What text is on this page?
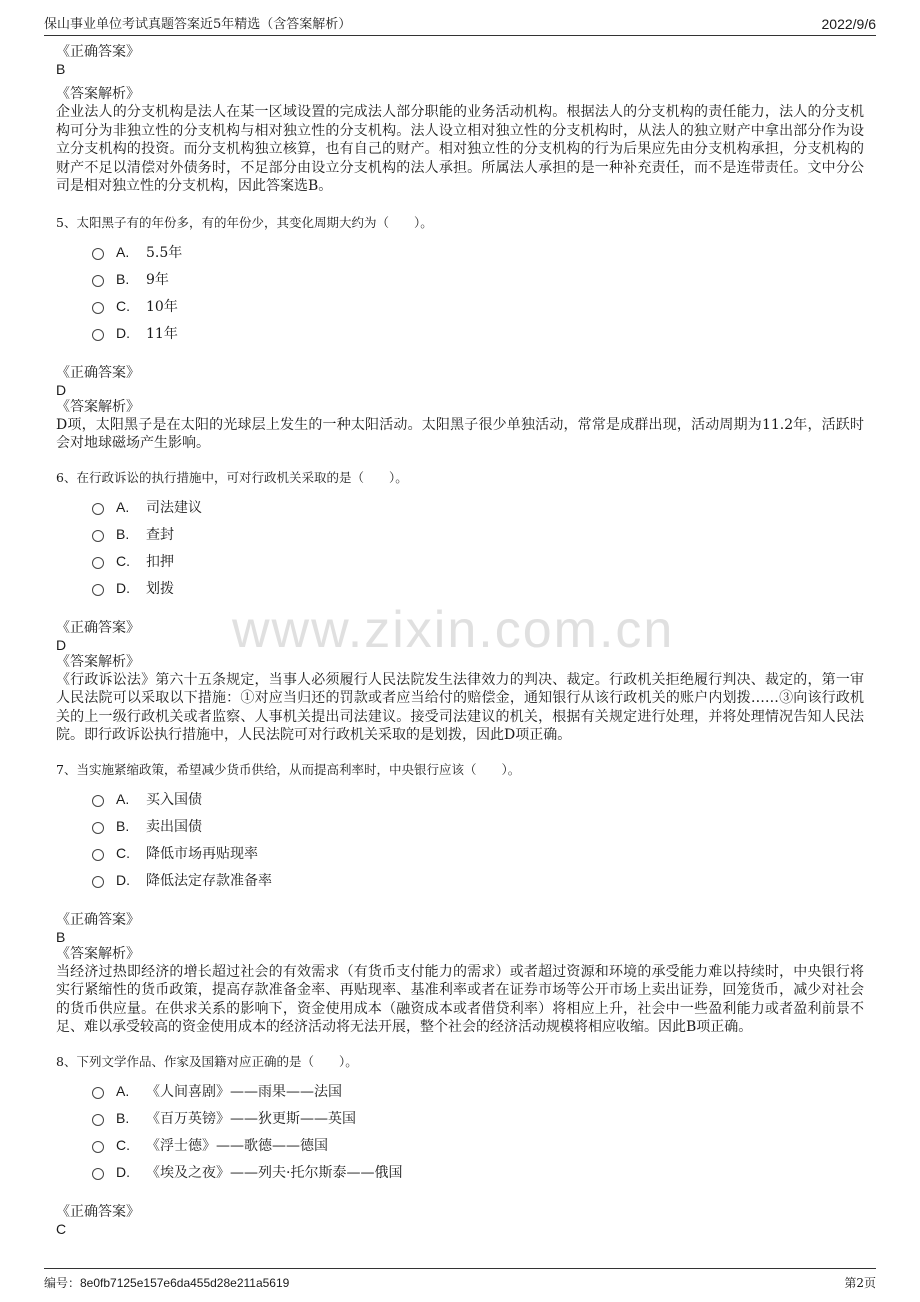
保山事业单位考试真题答案近5年精选（含答案解析）	2022/9/6
www.zixin.com.cn
《正确答案》
B
《答案解析》
企业法人的分支机构是法人在某一区域设置的完成法人部分职能的业务活动机构。根据法人的分支机构的责任能力，法人的分支机构可分为非独立性的分支机构与相对独立性的分支机构。法人设立相对独立性的分支机构时，从法人的独立财产中拿出部分作为设立分支机构的投资。而分支机构独立核算，也有自己的财产。相对独立性的分支机构的行为后果应先由分支机构承担，分支机构的财产不足以清偿对外债务时，不足部分由设立分支机构的法人承担。所属法人承担的是一种补充责任，而不是连带责任。文中分公司是相对独立性的分支机构，因此答案选B。

5、太阳黑子有的年份多，有的年份少，其变化周期大约为（　　）。

A.	5.5年
B.	9年
C.	10年
D.	11年
《正确答案》
D
《答案解析》
D项，太阳黑子是在太阳的光球层上发生的一种太阳活动。太阳黑子很少单独活动，常常是成群出现，活动周期为11.2年，活跃时会对地球磁场产生影响。

6、在行政诉讼的执行措施中，可对行政机关采取的是（　　）。

A.	司法建议
B.	查封
C.	扣押
D.	划拨
《正确答案》
D
《答案解析》
《行政诉讼法》第六十五条规定，当事人必须履行人民法院发生法律效力的判决、裁定。行政机关拒绝履行判决、裁定的，第一审人民法院可以采取以下措施：①对应当归还的罚款或者应当给付的赔偿金，通知银行从该行政机关的账户内划拨……③向该行政机关的上一级行政机关或者监察、人事机关提出司法建议。接受司法建议的机关，根据有关规定进行处理，并将处理情况告知人民法院。即行政诉讼执行措施中，人民法院可对行政机关采取的是划拨，因此D项正确。

7、当实施紧缩政策，希望减少货币供给，从而提高利率时，中央银行应该（　　）。

A.	买入国债
B.	卖出国债
C.	降低市场再贴现率
D.	降低法定存款准备率
《正确答案》
B
《答案解析》
当经济过热即经济的增长超过社会的有效需求（有货币支付能力的需求）或者超过资源和环境的承受能力难以持续时，中央银行将实行紧缩性的货币政策，提高存款准备金率、再贴现率、基准利率或者在证券市场等公开市场上卖出证券，回笼货币，减少对社会的货币供应量。在供求关系的影响下，资金使用成本（融资成本或者借贷利率）将相应上升，社会中一些盈利能力或者盈利前景不足、难以承受较高的资金使用成本的经济活动将无法开展，整个社会的经济活动规模将相应收缩。因此B项正确。

8、下列文学作品、作家及国籍对应正确的是（　　）。

A.	《人间喜剧》——雨果——法国
B.	《百万英镑》——狄更斯——英国
C.	《浮士德》——歌德——德国
D.	《埃及之夜》——列夫·托尔斯泰——俄国
《正确答案》
C
编号：8e0fb7125e157e6da455d28e211a5619	第2页
